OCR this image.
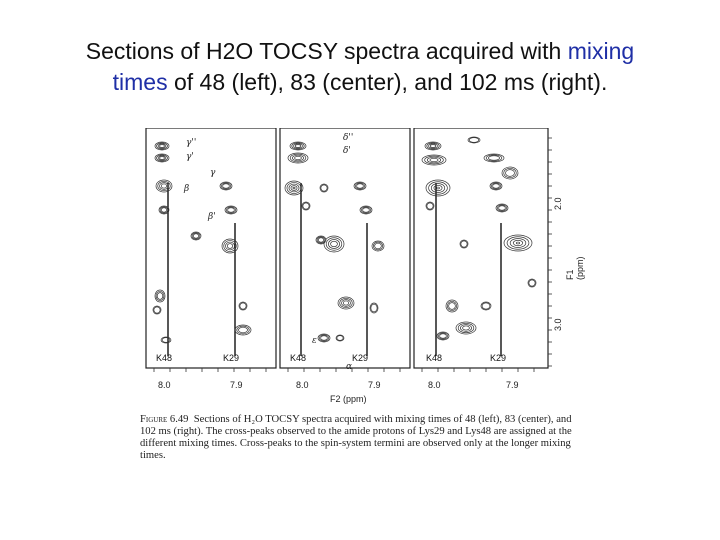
Sections of H2O TOCSY spectra acquired with mixing
times of 48 (left), 83 (center), and 102 ms (right).
2.0
3.0
F1 (ppm)
K48	K29	K48	K29	K48	K29
8.0	7.9	8.0	7.9	8.0	7.9
F2 (ppm)
γ''
γ'
γ
β
β'
δ''
δ'
ε
α
Figure 6.49 Sections of H₂O TOCSY spectra acquired with mixing times of 48 (left), 83 (center), and 102 ms (right). The cross-peaks observed to the amide protons of Lys29 and Lys48 are assigned at the different mixing times. Cross-peaks to the spin-system termini are observed only at the longer mixing times.
